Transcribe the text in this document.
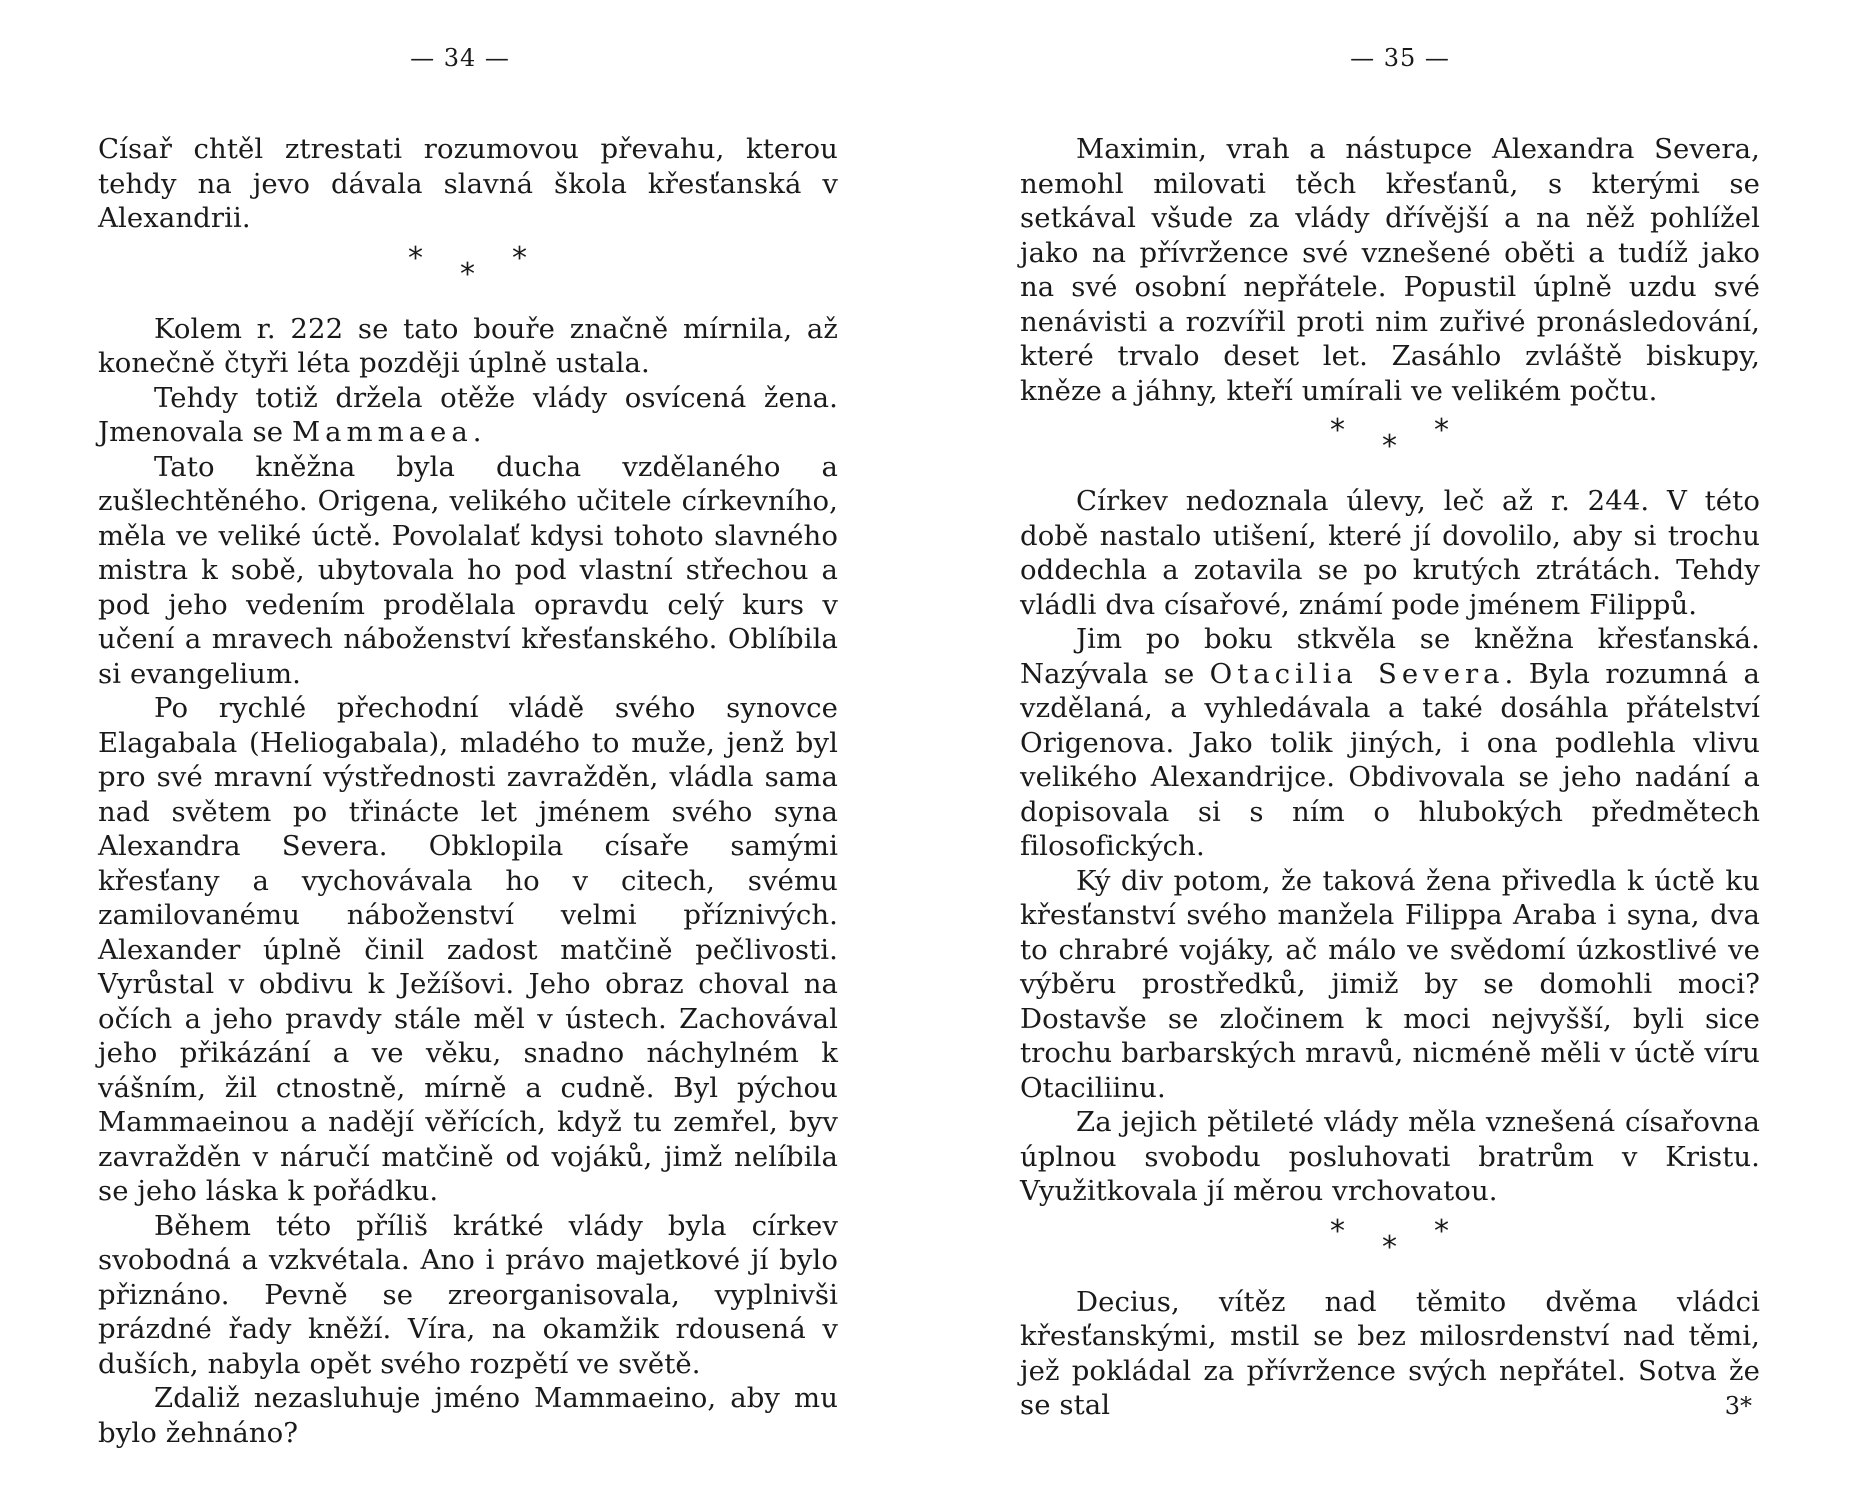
— 34 —

Císař chtěl ztrestati rozumovou převahu, kterou tehdy na jevo dávala slavná škola křesťanská v Alexandrii.

* * *

Kolem r. 222 se tato bouře značně mírnila, až konečně čtyři léta později úplně ustala.

Tehdy totiž držela otěže vlády osvícená žena. Jmenovala se Mammaea.

Tato kněžna byla ducha vzdělaného a zušlechtěného. Origena, velikého učitele církevního, měla ve veliké úctě. Povolalať kdysi tohoto slavného mistra k sobě, ubytovala ho pod vlastní střechou a pod jeho vedením prodělala opravdu celý kurs v učení a mravech náboženství křesťanského. Oblíbila si evangelium.

Po rychlé přechodní vládě svého synovce Elagabala (Heliogabala), mladého to muže, jenž byl pro své mravní výstřednosti zavražděn, vládla sama nad světem po třinácte let jménem svého syna Alexandra Severa. Obklopila císaře samými křesťany a vychovávala ho v citech, svému zamilovanému náboženství velmi příznivých. Alexander úplně činil zadost matčině pečlivosti. Vyrůstal v obdivu k Ježíšovi. Jeho obraz choval na očích a jeho pravdy stále měl v ústech. Zachovával jeho přikázání a ve věku, snadno náchylném k vášním, žil ctnostně, mírně a cudně. Byl pýchou Mammaeinou a nadějí věřících, když tu zemřel, byv zavražděn v náručí matčině od vojáků, jimž nelíbila se jeho láska k pořádku.

Během této příliš krátké vlády byla církev svobodná a vzkvétala. Ano i právo majetkové jí bylo přiznáno. Pevně se zreorganisovala, vyplnivši prázdné řady kněží. Víra, na okamžik rdousená v duších, nabyla opět svého rozpětí ve světě.

Zdaliž nezasluhuje jméno Mammaeino, aby mu bylo žehnáno?

— 35 —

Maximin, vrah a nástupce Alexandra Severa, nemohl milovati těch křesťanů, s kterými se setkával všude za vlády dřívější a na něž pohlížel jako na přívržence své vznešené oběti a tudíž jako na své osobní nepřátele. Popustil úplně uzdu své nenávisti a rozvířil proti nim zuřivé pronásledování, které trvalo deset let. Zasáhlo zvláště biskupy, kněze a jáhny, kteří umírali ve velikém počtu.

* * *

Církev nedoznala úlevy, leč až r. 244. V této době nastalo utišení, které jí dovolilo, aby si trochu oddechla a zotavila se po krutých ztrátách. Tehdy vládli dva císařové, známí pode jménem Filippů.

Jim po boku stkvěla se kněžna křesťanská. Nazývala se Otacilia Severa. Byla rozumná a vzdělaná, a vyhledávala a také dosáhla přátelství Origenova. Jako tolik jiných, i ona podlehla vlivu velikého Alexandrijce. Obdivovala se jeho nadání a dopisovala si s ním o hlubokých předmětech filosofických.

Ký div potom, že taková žena přivedla k úctě ku křesťanství svého manžela Filippa Araba i syna, dva to chrabré vojáky, ač málo ve svědomí úzkostlivé ve výběru prostředků, jimiž by se domohli moci? Dostavše se zločinem k moci nejvyšší, byli sice trochu barbarských mravů, nicméně měli v úctě víru Otaciliinu.

Za jejich pětileté vlády měla vznešená císařovna úplnou svobodu posluhovati bratrům v Kristu. Využitkovala jí měrou vrchovatou.

* * *

Decius, vítěz nad těmito dvěma vládci křesťanskými, mstil se bez milosrdenství nad těmi, jež pokládal za přívržence svých nepřátel. Sotva že se stal	3*
